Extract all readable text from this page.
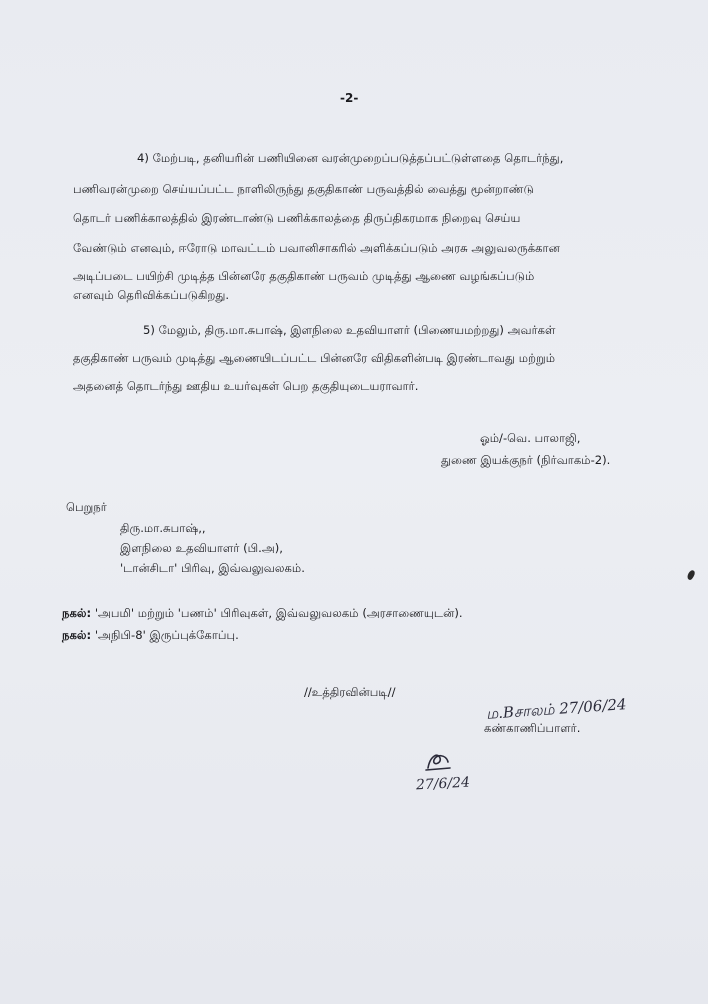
-2-
4) மேற்படி, தனியரின் பணியினை வரன்முறைப்படுத்தப்பட்டுள்ளதை தொடர்ந்து,
பணிவரன்முறை செய்யப்பட்ட நாளிலிருந்து தகுதிகாண் பருவத்தில் வைத்து மூன்றாண்டு
தொடர் பணிக்காலத்தில் இரண்டாண்டு பணிக்காலத்தை திருப்திகரமாக நிறைவு செய்ய
வேண்டும் எனவும், ஈரோடு மாவட்டம் பவானிசாகரில் அளிக்கப்படும் அரசு அலுவலருக்கான
அடிப்படை பயிற்சி முடித்த பின்னரே தகுதிகாண் பருவம் முடித்து ஆணை வழங்கப்படும்
எனவும் தெரிவிக்கப்படுகிறது.
5) மேலும், திரு.மா.சுபாஷ், இளநிலை உதவியாளர் (பிணையமற்றது) அவர்கள்
தகுதிகாண் பருவம் முடித்து ஆணையிடப்பட்ட பின்னரே விதிகளின்படி இரண்டாவது மற்றும்
அதனைத் தொடர்ந்து ஊதிய உயர்வுகள் பெற தகுதியுடையராவார்.
ஓம்/-வெ. பாலாஜி,
துணை இயக்குநர் (நிர்வாகம்-2).
பெறுநர்
திரு.மா.சுபாஷ்,,
இளநிலை உதவியாளர் (பி.அ),
'டான்சிடா' பிரிவு, இவ்வலுவலகம்.
நகல்: 'அபமி' மற்றும் 'பணம்' பிரிவுகள், இவ்வலுவலகம் (அரசாணையுடன்).
நகல்: 'அநிபி-8' இருப்புக்கோப்பு.
//உத்திரவின்படி//
ம.Bசாலம் 27/06/24
கண்காணிப்பாளர்.
27/6/24
